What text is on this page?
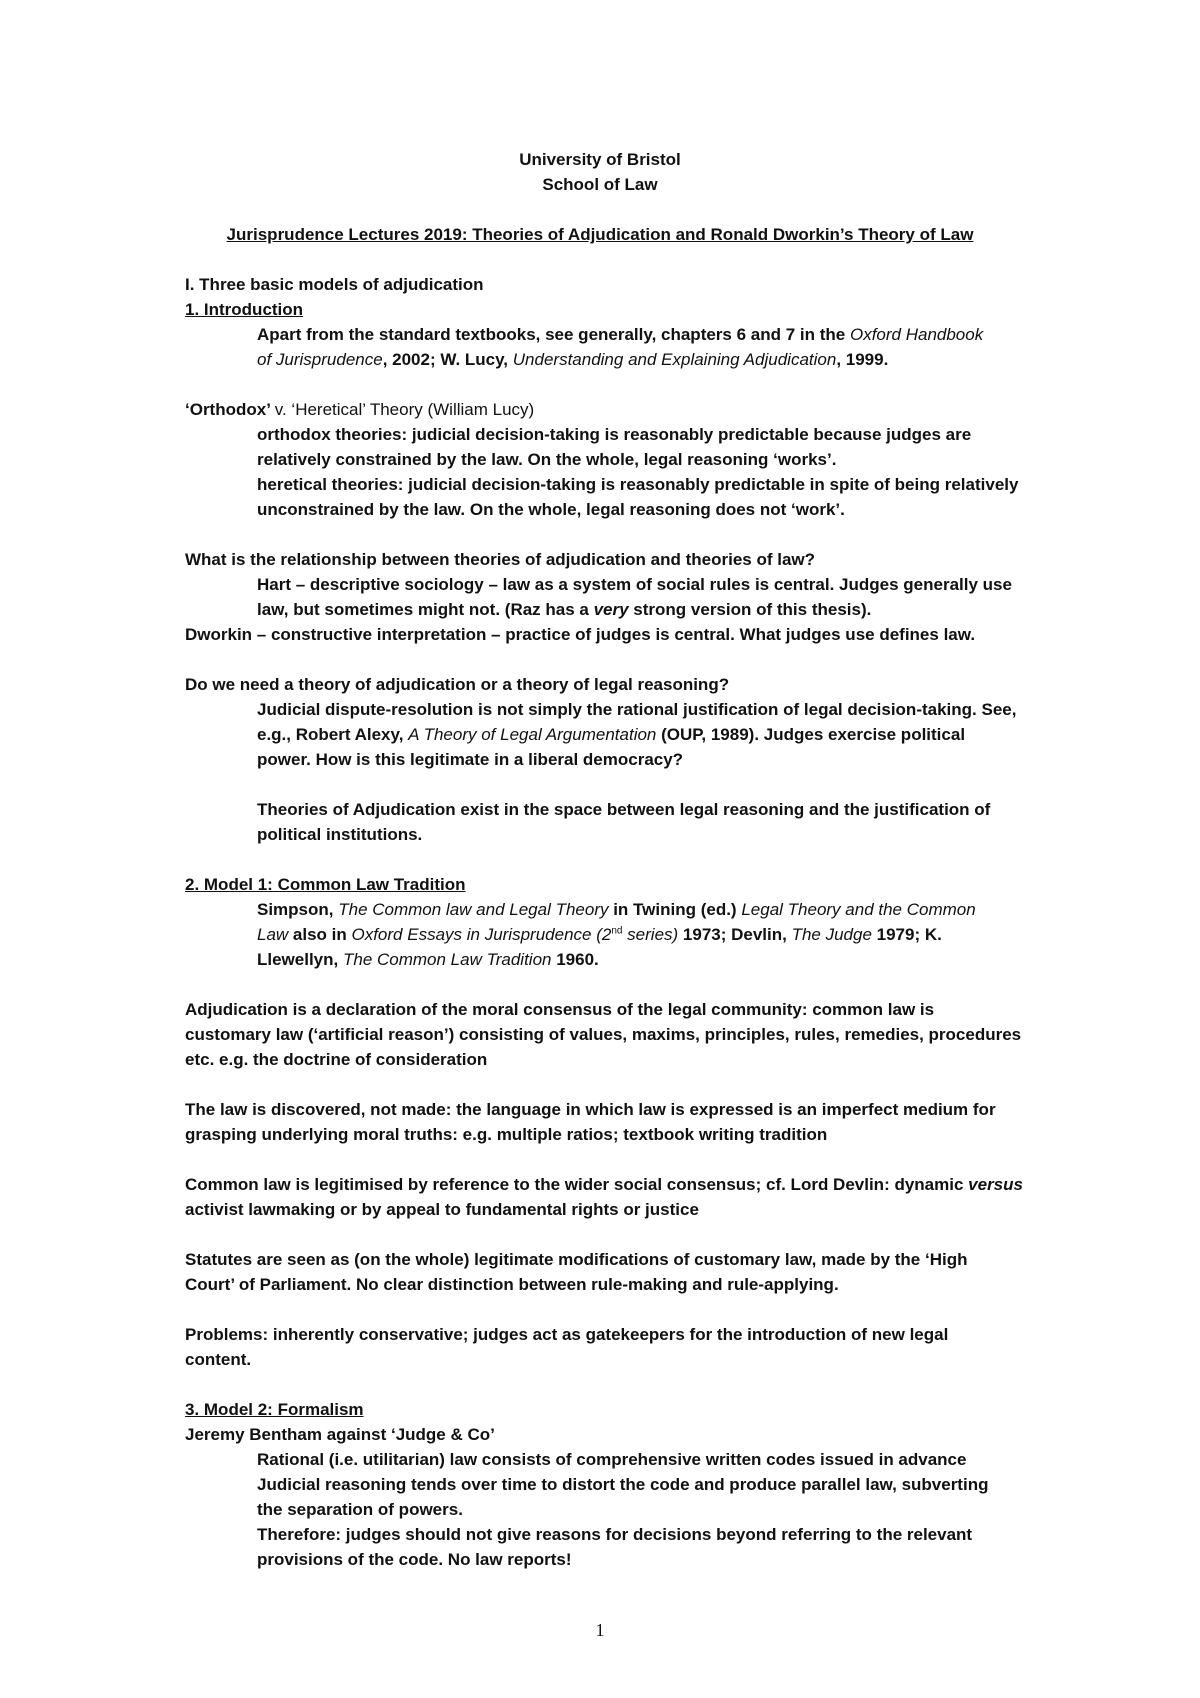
University of Bristol
School of Law
Jurisprudence Lectures 2019: Theories of Adjudication and Ronald Dworkin’s Theory of Law
I. Three basic models of adjudication
1. Introduction
Apart from the standard textbooks, see generally, chapters 6 and 7 in the Oxford Handbook
of Jurisprudence, 2002; W. Lucy, Understanding and Explaining Adjudication, 1999.
‘Orthodox’ v. ‘Heretical’ Theory (William Lucy)
orthodox theories: judicial decision-taking is reasonably predictable because judges are
relatively constrained by the law. On the whole, legal reasoning ‘works’.
heretical theories: judicial decision-taking is reasonably predictable in spite of being relatively
unconstrained by the law. On the whole, legal reasoning does not ‘work’.
What is the relationship between theories of adjudication and theories of law?
Hart – descriptive sociology – law as a system of social rules is central. Judges generally use
law, but sometimes might not. (Raz has a very strong version of this thesis).
Dworkin – constructive interpretation – practice of judges is central. What judges use defines law.
Do we need a theory of adjudication or a theory of legal reasoning?
Judicial dispute-resolution is not simply the rational justification of legal decision-taking. See,
e.g., Robert Alexy, A Theory of Legal Argumentation (OUP, 1989). Judges exercise political
power. How is this legitimate in a liberal democracy?
Theories of Adjudication exist in the space between legal reasoning and the justification of
political institutions.
2. Model 1: Common Law Tradition
Simpson, The Common law and Legal Theory in Twining (ed.) Legal Theory and the Common
Law also in Oxford Essays in Jurisprudence (2nd series) 1973; Devlin, The Judge 1979; K.
Llewellyn, The Common Law Tradition 1960.
Adjudication is a declaration of the moral consensus of the legal community: common law is
customary law (‘artificial reason’) consisting of values, maxims, principles, rules, remedies, procedures
etc. e.g. the doctrine of consideration
The law is discovered, not made: the language in which law is expressed is an imperfect medium for
grasping underlying moral truths: e.g. multiple ratios; textbook writing tradition
Common law is legitimised by reference to the wider social consensus; cf. Lord Devlin: dynamic versus
activist lawmaking or by appeal to fundamental rights or justice
Statutes are seen as (on the whole) legitimate modifications of customary law, made by the ‘High
Court’ of Parliament. No clear distinction between rule-making and rule-applying.
Problems: inherently conservative; judges act as gatekeepers for the introduction of new legal
content.
3. Model 2: Formalism
Jeremy Bentham against ‘Judge & Co’
Rational (i.e. utilitarian) law consists of comprehensive written codes issued in advance
Judicial reasoning tends over time to distort the code and produce parallel law, subverting
the separation of powers.
Therefore: judges should not give reasons for decisions beyond referring to the relevant
provisions of the code. No law reports!
1
